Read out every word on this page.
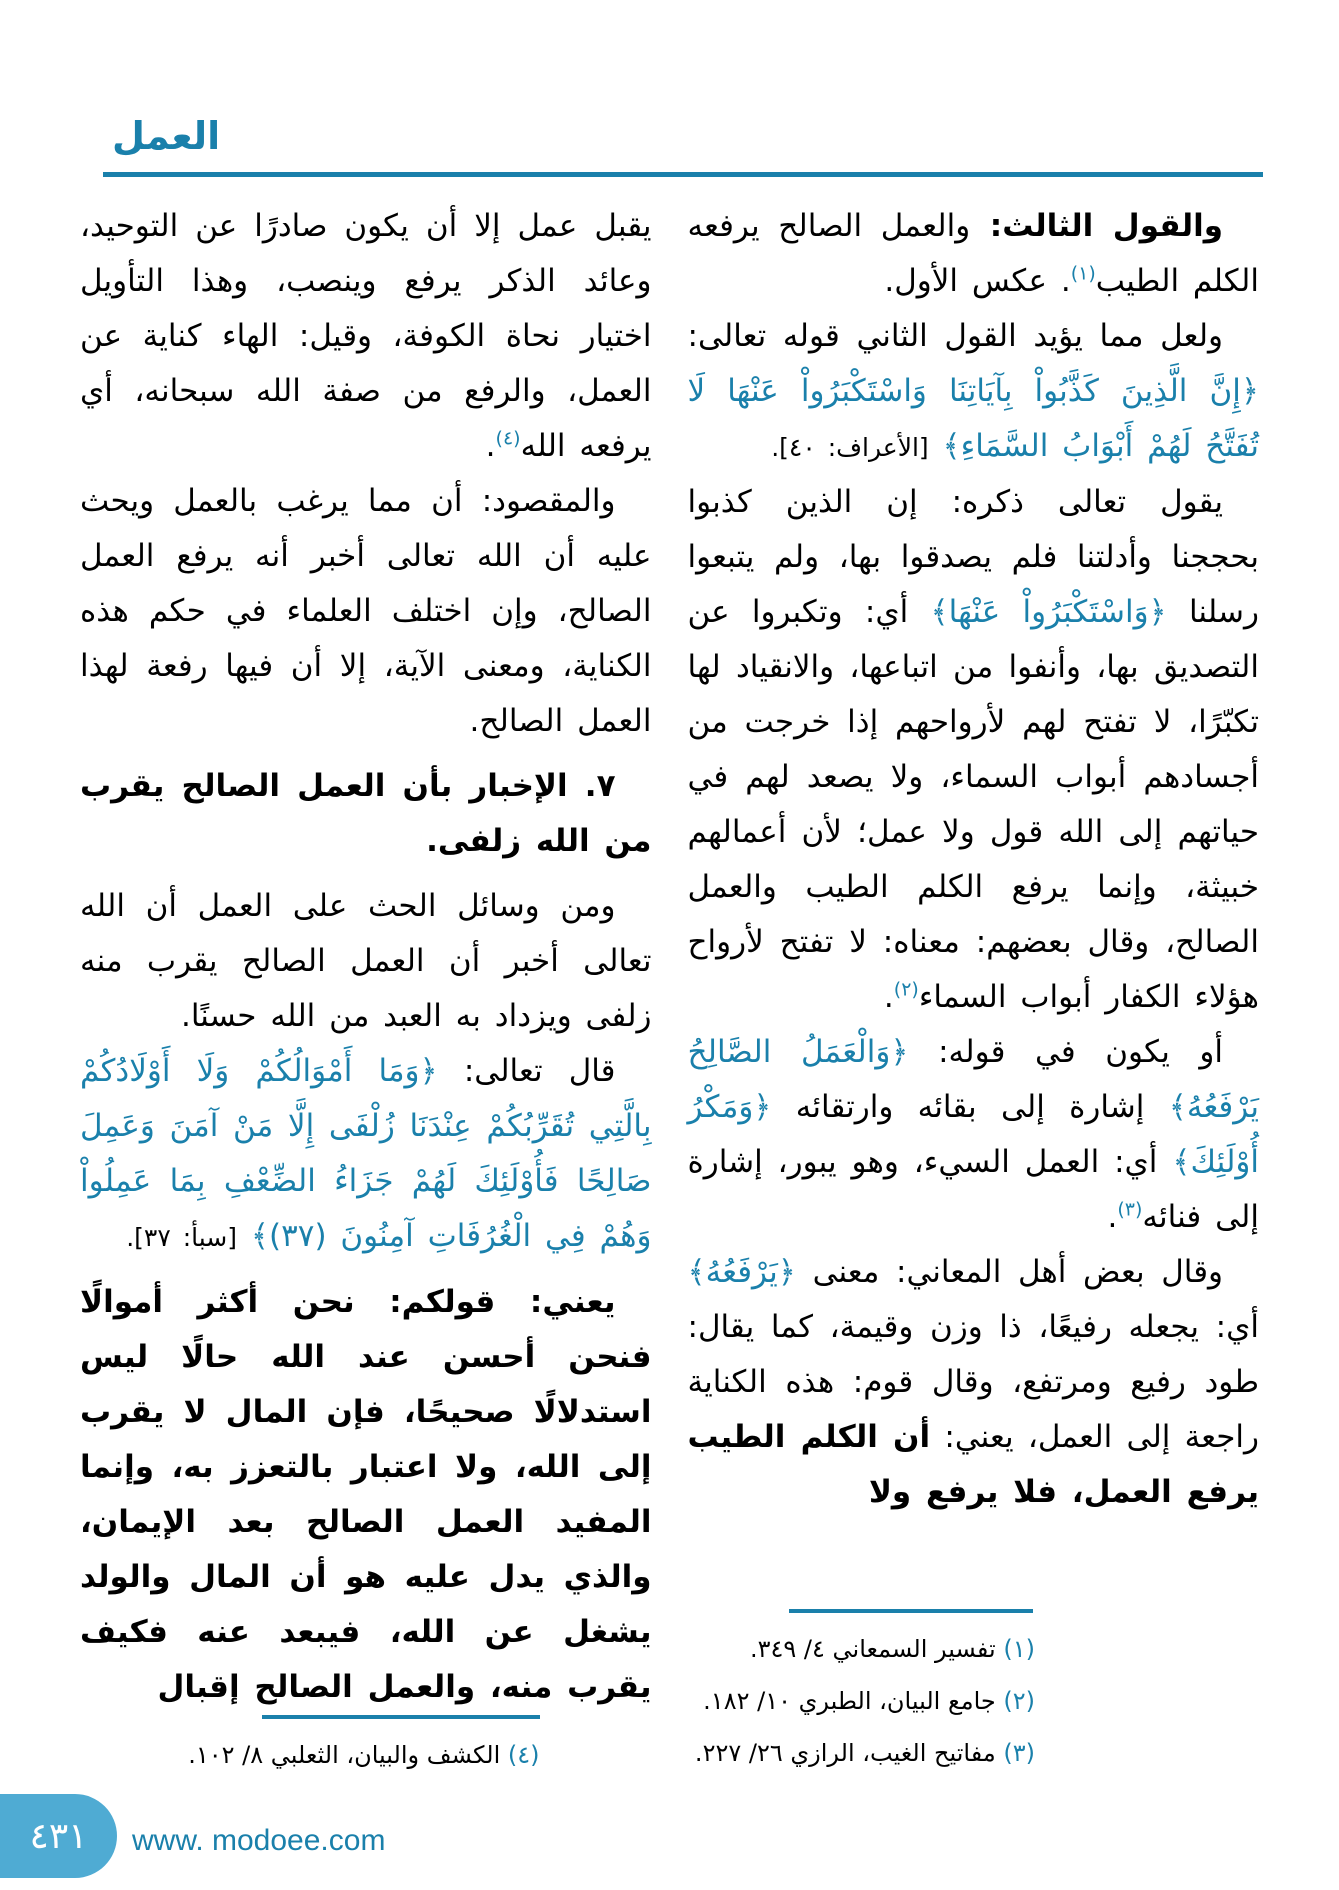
العمل

والقول الثالث: والعمل الصالح يرفعه الكلم الطيب$^{(١)}$. عكس الأول.

ولعل مما يؤيد القول الثاني قوله تعالى: ﴿إِنَّ الَّذِينَ كَذَّبُواْ بِآيَاتِنَا وَاسْتَكْبَرُواْ عَنْهَا لَا تُفَتَّحُ لَهُمْ أَبْوَابُ السَّمَاءِ﴾ [الأعراف: ٤٠].

يقول تعالى ذكره: إن الذين كذبوا بحججنا وأدلتنا فلم يصدقوا بها، ولم يتبعوا رسلنا ﴿وَاسْتَكْبَرُواْ عَنْهَا﴾ أي: وتكبروا عن التصديق بها، وأنفوا من اتباعها، والانقياد لها تكبّرًا، لا تفتح لهم لأرواحهم إذا خرجت من أجسادهم أبواب السماء، ولا يصعد لهم في حياتهم إلى الله قول ولا عمل؛ لأن أعمالهم خبيثة، وإنما يرفع الكلم الطيب والعمل الصالح، وقال بعضهم: معناه: لا تفتح لأرواح هؤلاء الكفار أبواب السماء$^{(٢)}$.

أو يكون في قوله: ﴿وَالْعَمَلُ الصَّالِحُ يَرْفَعُهُ﴾ إشارة إلى بقائه وارتقائه ﴿وَمَكْرُ أُوْلَئِكَ﴾ أي: العمل السيء، وهو يبور، إشارة إلى فنائه$^{(٣)}$.

وقال بعض أهل المعاني: معنى ﴿يَرْفَعُهُ﴾ أي: يجعله رفيعًا، ذا وزن وقيمة، كما يقال: طود رفيع ومرتفع، وقال قوم: هذه الكناية راجعة إلى العمل، يعني: أن الكلم الطيب يرفع العمل، فلا يرفع ولا

(١) تفسير السمعاني ٤/ ٣٤٩.
(٢) جامع البيان، الطبري ١٠/ ١٨٢.
(٣) مفاتيح الغيب، الرازي ٢٦/ ٢٢٧.

يقبل عمل إلا أن يكون صادرًا عن التوحيد، وعائد الذكر يرفع وينصب، وهذا التأويل اختيار نحاة الكوفة، وقيل: الهاء كناية عن العمل، والرفع من صفة الله سبحانه، أي يرفعه الله$^{(٤)}$.

والمقصود: أن مما يرغب بالعمل ويحث عليه أن الله تعالى أخبر أنه يرفع العمل الصالح، وإن اختلف العلماء في حكم هذه الكناية، ومعنى الآية، إلا أن فيها رفعة لهذا العمل الصالح.

٧. الإخبار بأن العمل الصالح يقرب من الله زلفى.

ومن وسائل الحث على العمل أن الله تعالى أخبر أن العمل الصالح يقرب منه زلفى ويزداد به العبد من الله حسنًا.

قال تعالى: ﴿وَمَا أَمْوَالُكُمْ وَلَا أَوْلَادُكُمْ بِالَّتِي تُقَرِّبُكُمْ عِنْدَنَا زُلْفَى إِلَّا مَنْ آمَنَ وَعَمِلَ صَالِحًا فَأُوْلَئِكَ لَهُمْ جَزَاءُ الضِّعْفِ بِمَا عَمِلُواْ وَهُمْ فِي الْغُرُفَاتِ آمِنُونَ (٣٧)﴾ [سبأ: ٣٧].

يعني: قولكم: نحن أكثر أموالًا فنحن أحسن عند الله حالًا ليس استدلالًا صحيحًا، فإن المال لا يقرب إلى الله، ولا اعتبار بالتعزز به، وإنما المفيد العمل الصالح بعد الإيمان، والذي يدل عليه هو أن المال والولد يشغل عن الله، فيبعد عنه فكيف يقرب منه، والعمل الصالح إقبال

(٤) الكشف والبيان، الثعلبي ٨/ ١٠٢.
٤٣١ www. modoee.com
